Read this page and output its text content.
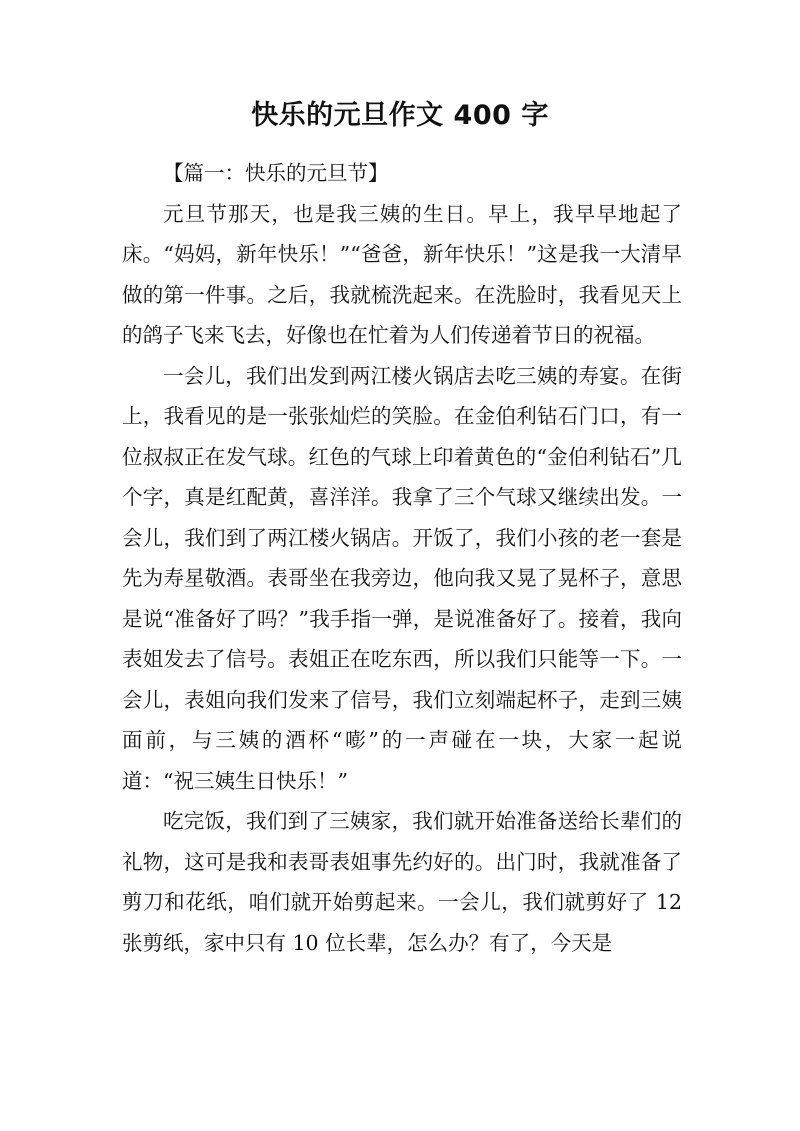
快乐的元旦作文 400 字

【篇一：快乐的元旦节】

元旦节那天，也是我三姨的生日。早上，我早早地起了床。“妈妈，新年快乐！”“爸爸，新年快乐！”这是我一大清早做的第一件事。之后，我就梳洗起来。在洗脸时，我看见天上的鸽子飞来飞去，好像也在忙着为人们传递着节日的祝福。

一会儿，我们出发到两江楼火锅店去吃三姨的寿宴。在街上，我看见的是一张张灿烂的笑脸。在金伯利钻石门口，有一位叔叔正在发气球。红色的气球上印着黄色的“金伯利钻石”几个字，真是红配黄，喜洋洋。我拿了三个气球又继续出发。一会儿，我们到了两江楼火锅店。开饭了，我们小孩的老一套是先为寿星敬酒。表哥坐在我旁边，他向我又晃了晃杯子，意思是说“准备好了吗？”我手指一弹，是说准备好了。接着，我向表姐发去了信号。表姐正在吃东西，所以我们只能等一下。一会儿，表姐向我们发来了信号，我们立刻端起杯子，走到三姨面前，与三姨的酒杯“嘭”的一声碰在一块，大家一起说道：“祝三姨生日快乐！”

吃完饭，我们到了三姨家，我们就开始准备送给长辈们的礼物，这可是我和表哥表姐事先约好的。出门时，我就准备了剪刀和花纸，咱们就开始剪起来。一会儿，我们就剪好了 12 张剪纸，家中只有 10 位长辈，怎么办？有了，今天是
